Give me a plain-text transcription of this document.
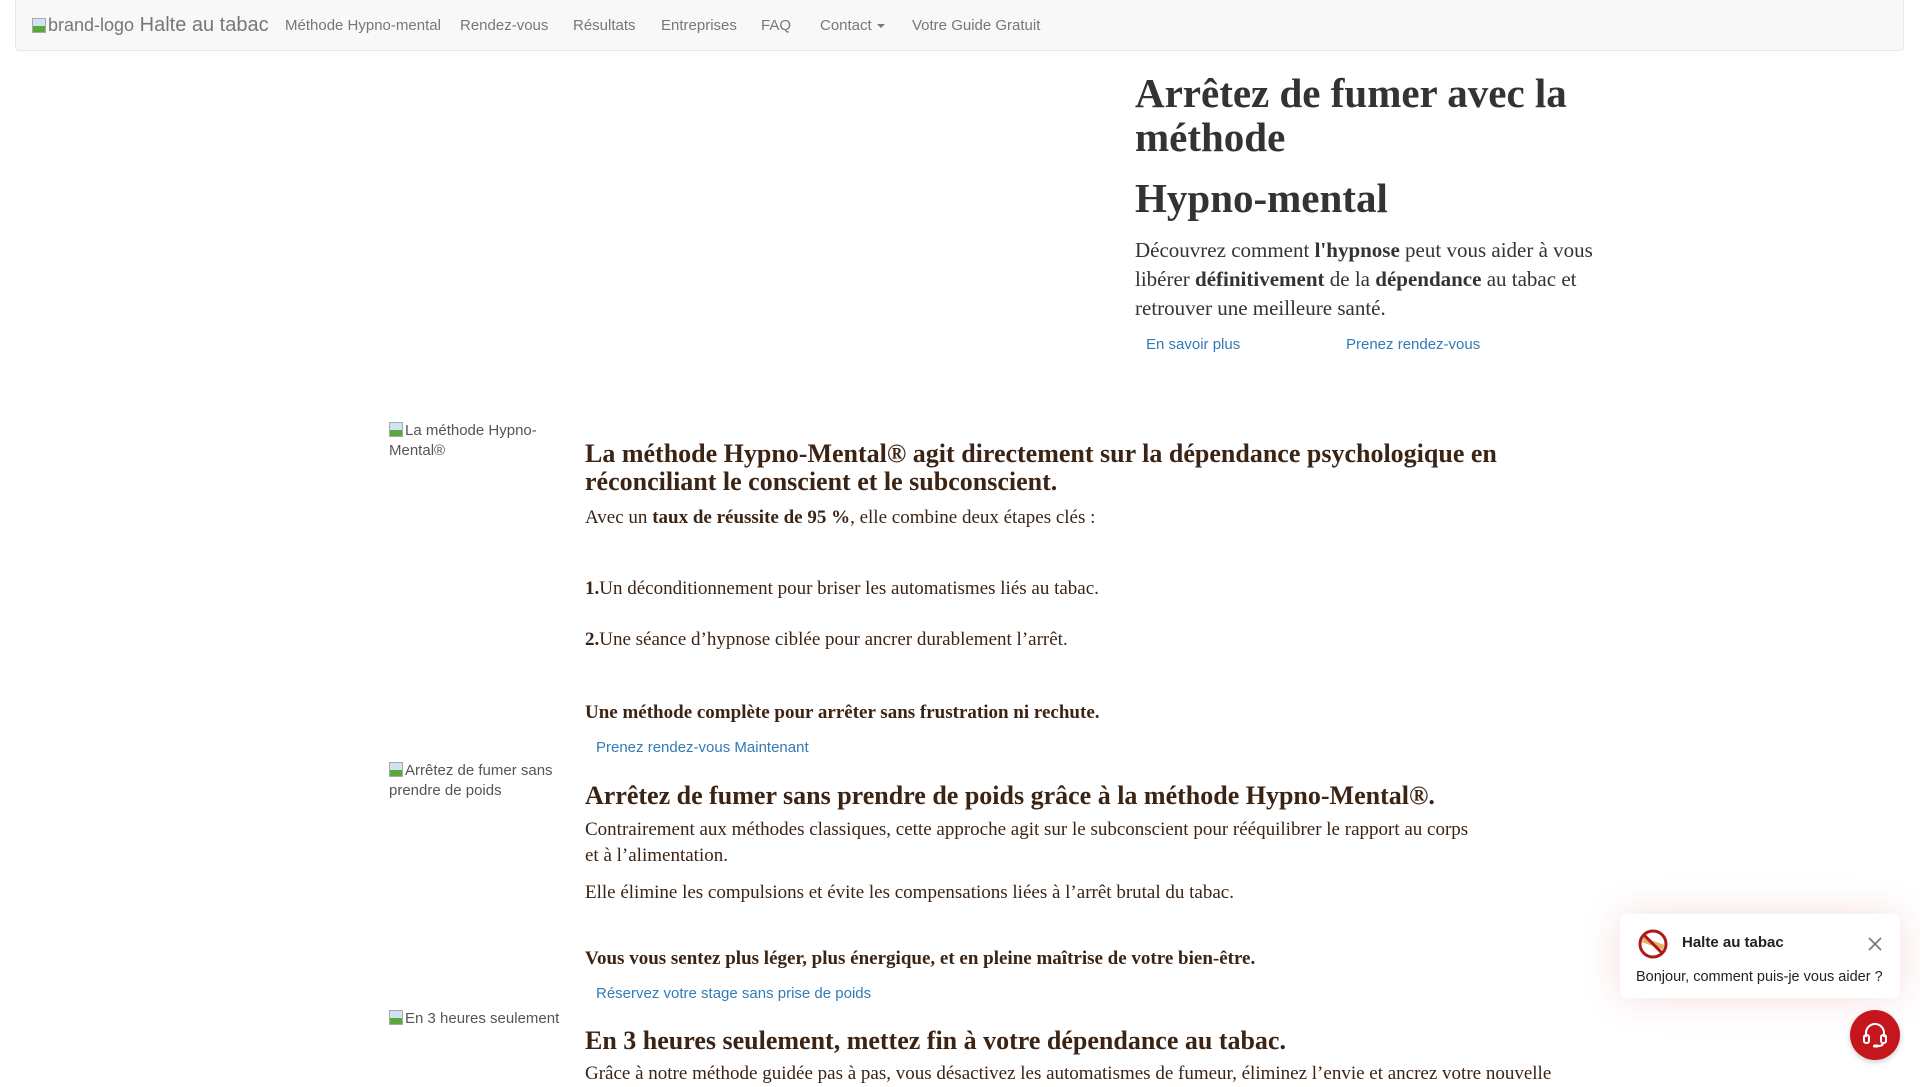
brand-logo Halte au tabac Méthode Hypno-mental Rendez-vous Résultats Entreprises FAQ Contact	Votre Guide Gratuit
Arrêtez de fumer avec la
méthode
Hypno-mental

Découvrez comment l'hypnose peut vous aider à vous libérer définitivement de la dépendance au tabac et retrouver une meilleure santé.

En savoir plus	Prenez rendez-vous
La méthode Hypno-Mental®	La méthode Hypno-Mental® agit directement sur la dépendance psychologique en réconciliant le conscient et le subconscient.

Avec un taux de réussite de 95 %, elle combine deux étapes clés :

1.Un déconditionnement pour briser les automatismes liés au tabac.

2.Une séance d’hypnose ciblée pour ancrer durablement l’arrêt.

Une méthode complète pour arrêter sans frustration ni rechute.

Prenez rendez-vous Maintenant
Arrêtez de fumer sans prendre de poids	Arrêtez de fumer sans prendre de poids grâce à la méthode Hypno-Mental®.

Contrairement aux méthodes classiques, cette approche agit sur le subconscient pour rééquilibrer le rapport au corps et à l’alimentation.

Elle élimine les compulsions et évite les compensations liées à l’arrêt brutal du tabac.

Vous vous sentez plus léger, plus énergique, et en pleine maîtrise de votre bien-être.

Réservez votre stage sans prise de poids
En 3 heures seulement
En 3 heures seulement, mettez fin à votre dépendance au tabac.

Grâce à notre méthode guidée pas à pas, vous désactivez les automatismes de fumeur, éliminez l’envie et ancrez votre nouvelle

Halte au tabac
Bonjour, comment puis-je vous aider ?
